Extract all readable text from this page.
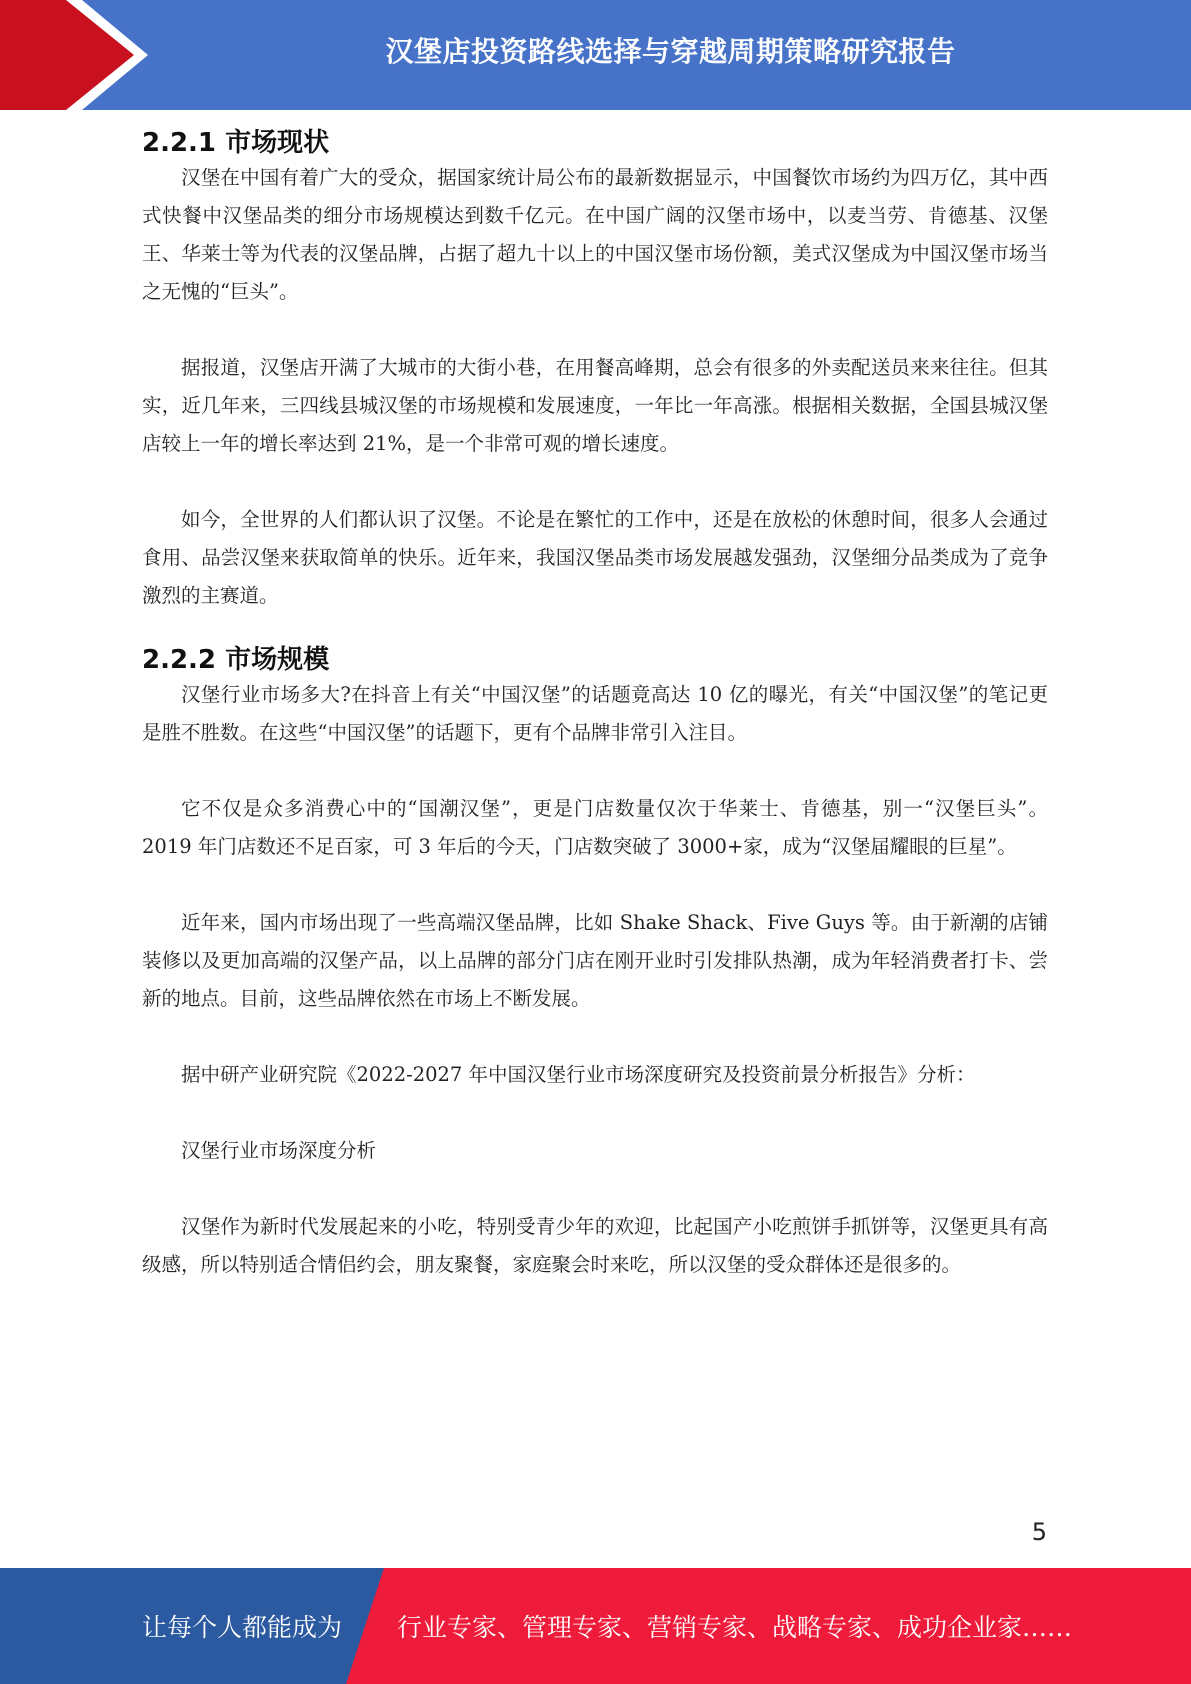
汉堡店投资路线选择与穿越周期策略研究报告
2.2.1 市场现状

汉堡在中国有着广大的受众，据国家统计局公布的最新数据显示，中国餐饮市场约为四万亿，其中西式快餐中汉堡品类的细分市场规模达到数千亿元。在中国广阔的汉堡市场中，以麦当劳、肯德基、汉堡王、华莱士等为代表的汉堡品牌，占据了超九十以上的中国汉堡市场份额，美式汉堡成为中国汉堡市场当之无愧的“巨头”。

据报道，汉堡店开满了大城市的大街小巷，在用餐高峰期，总会有很多的外卖配送员来来往往。但其实，近几年来，三四线县城汉堡的市场规模和发展速度，一年比一年高涨。根据相关数据，全国县城汉堡店较上一年的增长率达到 21%，是一个非常可观的增长速度。

如今，全世界的人们都认识了汉堡。不论是在繁忙的工作中，还是在放松的休憩时间，很多人会通过食用、品尝汉堡来获取简单的快乐。近年来，我国汉堡品类市场发展越发强劲，汉堡细分品类成为了竞争激烈的主赛道。

2.2.2 市场规模

汉堡行业市场多大?在抖音上有关“中国汉堡”的话题竟高达 10 亿的曝光，有关“中国汉堡”的笔记更是胜不胜数。在这些“中国汉堡”的话题下，更有个品牌非常引入注目。

它不仅是众多消费心中的“国潮汉堡”，更是门店数量仅次于华莱士、肯德基，别一“汉堡巨头”。2019 年门店数还不足百家，可 3 年后的今天，门店数突破了 3000+家，成为“汉堡届耀眼的巨星”。

近年来，国内市场出现了一些高端汉堡品牌，比如 Shake Shack、Five Guys 等。由于新潮的店铺装修以及更加高端的汉堡产品，以上品牌的部分门店在刚开业时引发排队热潮，成为年轻消费者打卡、尝新的地点。目前，这些品牌依然在市场上不断发展。

据中研产业研究院《2022-2027 年中国汉堡行业市场深度研究及投资前景分析报告》分析：

汉堡行业市场深度分析

汉堡作为新时代发展起来的小吃，特别受青少年的欢迎，比起国产小吃煎饼手抓饼等，汉堡更具有高级感，所以特别适合情侣约会，朋友聚餐，家庭聚会时来吃，所以汉堡的受众群体还是很多的。

5
让每个人都能成为 行业专家、管理专家、营销专家、战略专家、成功企业家……
